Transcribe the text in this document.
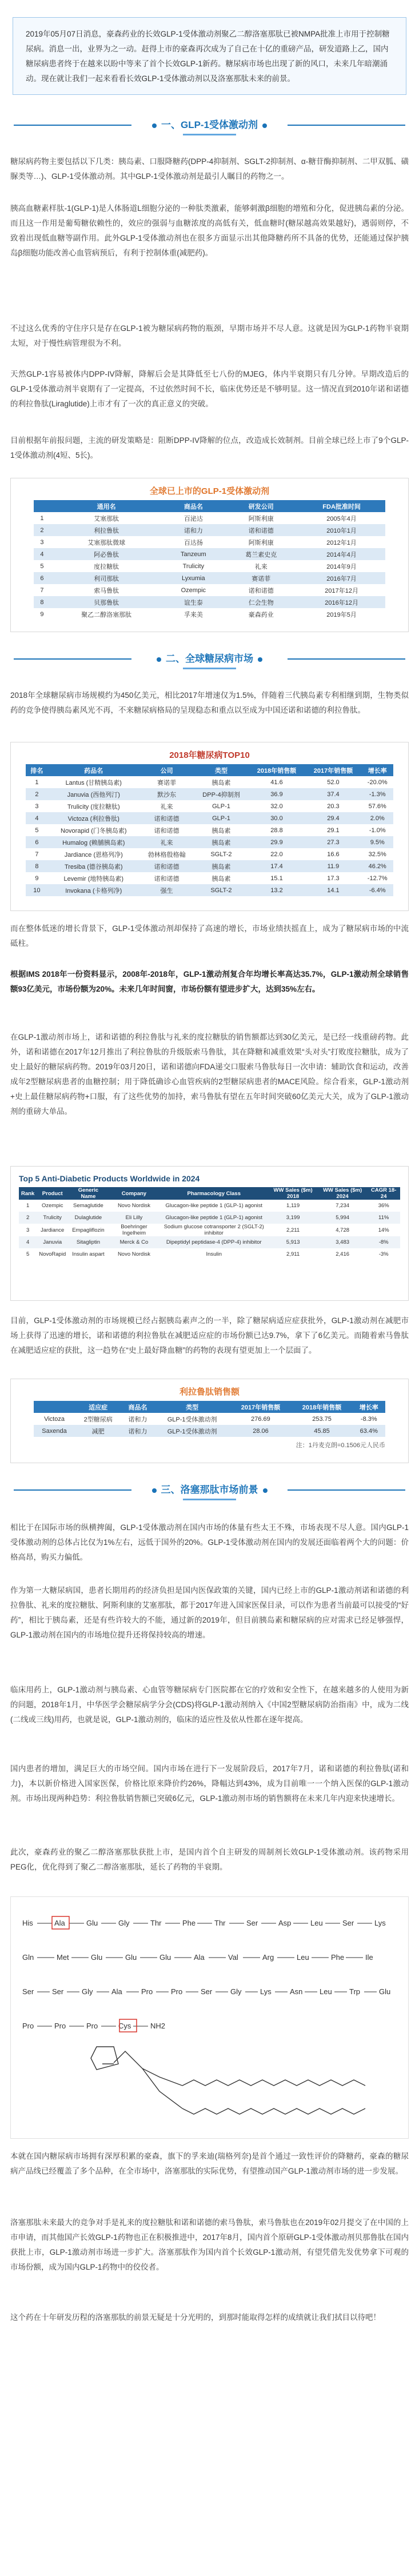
2019年05月07日消息，豪森药业的长效GLP-1受体激动剂聚乙二醇洛塞那肽已被NMPA批准上市用于控制糖尿病。消息一出，业界为之一动。赶得上市的豪森再次成为了自己在十亿的重磅产品，研发道路上乙，国内糖尿病患者终于在越来以盼中等来了首个长效GLP-1新药。糖尿病市场也出现了新的风口，未来几年暗潮涌动。现在就让我们一起来看看长效GLP-1受体激动剂以及洛塞那肽未来的前景。

一、GLP-1受体激动剂

糖尿病药物主要包括以下几类：胰岛素、口服降糖药(DPP-4抑制剂、SGLT-2抑制剂、α-糖苷酶抑制剂、二甲双胍、磺脲类等…)、GLP-1受体激动剂。其中GLP-1受体激动剂是最引人瞩目的药物之一。

胰高血糖素样肽-1(GLP-1)是人体肠道L细胞分泌的一种肽类激素，能够刺激β细胞的增殖和分化，促进胰岛素的分泌。而且这一作用是葡萄糖依赖性的，效应的强弱与血糖浓度的高低有关，低血糖时(糖尿越高效果越好)，遇弱则停，不致着出现低血糖等副作用。此外GLP-1受体激动剂也在很多方面显示出其他降糖药所不具备的优势，还能通过保护胰岛β细胞功能改善心血管病预后，有利于控制体重(减肥药)。

不过这么优秀的守住序只是存在GLP-1被为糖尿病药物的瓶颈，早期市场并不尽人意。这就是因为GLP-1药物半衰期太短，对于慢性病管理很为不利。

天然GLP-1容易被体内DPP-IV降解，降解后会是其降低至七八份的MJEG，体内半衰期只有几分钟。早期改造后的GLP-1受体激动剂半衰期有了一定提高，不过依然时间不长，临床优势还是不够明显。这一情况直到2010年诺和诺德的利拉鲁肽(Liraglutide)上市才有了一次的真正意义的突破。

目前根据年前报问题，主流的研发策略是：阻断DPP-IV降解的位点，改造成长效制剂。目前全球已经上市了9个GLP-1受体激动剂(4短、5长)。

全球已上市的GLP-1受体激动剂
	通用名	商品名	研发公司	FDA批准时间
1	艾塞那肽	百泌达	阿斯利康	2005年4月
2	利拉鲁肽	诺和力	诺和诺德	2010年1月
3	艾塞那肽微球	百达扬	阿斯利康	2012年1月
4	阿必鲁肽	Tanzeum	葛兰素史克	2014年4月
5	度拉糖肽	Trulicity	礼来	2014年9月
6	利司那肽	Lyxumia	赛诺菲	2016年7月
7	索马鲁肽	Ozempic	诺和诺德	2017年12月
8	贝那鲁肽	谊生泰	仁会生物	2016年12月
9	聚乙二醇洛塞那肽	孚来美	豪森药业	2019年5月
二、全球糖尿病市场

2018年全球糖尿病市场规模约为450亿美元，相比2017年增速仅为1.5%，伴随着三代胰岛素专利相继到期，生物类似药的竞争使得胰岛素风光不再，不来糖尿病格局的呈现稳态和重点以至成为中国还诺和诺德的利拉鲁肽。

2018年糖尿病TOP10
排名	药品名	公司	类型	2018年销售额	2017年销售额	增长率
1	Lantus (甘精胰岛素)	赛诺菲	胰岛素	41.6	52.0	-20.0%
2	Januvia (西他列汀)	默沙东	DPP-4抑制剂	36.9	37.4	-1.3%
3	Trulicity (度拉糖肽)	礼来	GLP-1	32.0	20.3	57.6%
4	Victoza (利拉鲁肽)	诺和诺德	GLP-1	30.0	29.4	2.0%
5	Novorapid (门冬胰岛素)	诺和诺德	胰岛素	28.8	29.1	-1.0%
6	Humalog (赖脯胰岛素)	礼来	胰岛素	29.9	27.3	9.5%
7	Jardiance (恩格列净)	勃林格殷格翰	SGLT-2	22.0	16.6	32.5%
8	Tresiba (德谷胰岛素)	诺和诺德	胰岛素	17.4	11.9	46.2%
9	Levemir (地特胰岛素)	诺和诺德	胰岛素	15.1	17.3	-12.7%
10	Invokana (卡格列净)	强生	SGLT-2	13.2	14.1	-6.4%

而在整体低迷的增长背景下，GLP-1受体激动剂却保持了高速的增长，市场业绩扶摇直上，成为了糖尿病市场的中流砥柱。

根据IMS 2018年一份资料显示，2008年-2018年，GLP-1激动剂复合年均增长率高达35.7%，GLP-1激动剂全球销售额93亿美元，市场份额为20%。未来几年时间窗，市场份额有望进步扩大，达到35%左右。

在GLP-1激动剂市场上，诺和诺德的利拉鲁肽与礼来的度拉糖肽的销售额都达到30亿美元，是已经一线重磅药物。此外，诺和诺德在2017年12月推出了利拉鲁肽的升级版索马鲁肽，其在降糖和减重效果“头对头”打败度拉糖肽，成为了史上最好的糖尿病药物。2019年03月20日，诺和诺德向FDA递交口服索马鲁肽每日一次申请：辅助饮食和运动，改善成年2型糖尿病患者的血糖控制；用于降低确诊心血管疾病的2型糖尿病患者的MACE风险。综合看来，GLP-1激动剂+史上最佳糖尿病药物+口服，有了这些优势的加持，索马鲁肽有望在五年时间突破60亿美元大关，成为了GLP-1激动剂的重磅大单品。

Top 5 Anti-Diabetic Products Worldwide in 2024
Rank	Product	Generic Name	Company	Pharmacology Class	WW Sales ($m) 2018	WW Sales ($m) 2024	CAGR 18-24
1	Ozempic	Semaglutide	Novo Nordisk	Glucagon-like peptide 1 (GLP-1) agonist	1,119	7,234	36%
2	Trulicity	Dulaglutide	Eli Lilly	Glucagon-like peptide 1 (GLP-1) agonist	3,199	5,994	11%
3	Jardiance	Empagliflozin	Boehringer Ingelheim	Sodium glucose cotransporter 2 (SGLT-2) inhibitor	2,211	4,728	14%
4	Januvia	Sitagliptin	Merck & Co	Dipeptidyl peptidase-4 (DPP-4) inhibitor	5,913	3,483	-8%
5	NovoRapid	Insulin aspart	Novo Nordisk	Insulin	2,911	2,416	-3%

目前，GLP-1受体激动剂的市场规模已经占据胰岛素声之的一半，除了糖尿病适应症获批外，GLP-1激动剂在减肥市场上获得了迅速的增长，诺和诺德的利拉鲁肽在减肥适应症的市场份额已达9.7%，拿下了6亿美元。而随着索马鲁肽在减肥适应症的获批，这一趋势在“史上最好降血糖”的药物的表现有望更加上一个层面了。

利拉鲁肽销售额
	适应症	商品名	类型	2017年销售额	2018年销售额	增长率
Victoza	2型糖尿病	诺和力	GLP-1受体激动剂	276.69	253.75	-8.3%
Saxenda	减肥	诺和力	GLP-1受体激动剂	28.06	45.85	63.4%
注：1丹麦克朗=0.1506元人民币
三、洛塞那肽市场前景

相比于在国际市场的纵横捭阖，GLP-1受体激动剂在国内市场的体量有些太王不殊，市场表现不尽人意。国内GLP-1受体激动剂的总体占比仅为1%左右，远低于国外的20%。GLP-1受体激动剂在国内的发展还面临着两个大的问题：价格高昂，购买力偏低。

作为第一大糖尿病国，患者长期用药的经济负担是国内医保政策的关键，国内已经上市的GLP-1激动剂诺和诺德的利拉鲁肽、礼来的度拉糖肽、阿斯利康的艾塞那肽，都于2017年进入国家医保目录，可以作为患者当前最可以接受的“好药”，相比于胰岛素，还是有些许较大的不能，通过新的2019年，但目前胰岛素和糖尿病的应对需求已经足够强悍，GLP-1激动剂在国内的市场地位提升还将保持较高的增速。

临床用药上，GLP-1激动剂与胰岛素、心血管等糖尿病专门医院都在它的疗效和安全性下，在越来越多的人使用为新的问题，2018年1月，中华医学会糖尿病学分会(CDS)将GLP-1激动剂纳入《中国2型糖尿病防治指南》中，成为二线(二线或三线)用药，也就是说，GLP-1激动剂的，临床的适应性及依从性都在逐年提高。

国内患者的增加，满足巨大的市场空间。国内市场在进行下一发展阶段后，2017年7月，诺和诺德的利拉鲁肽(诺和力)，本以新价格进入国家医保，价格比原来降价约26%，降幅达到43%，成为目前唯一一个纳入医保的GLP-1激动剂。市场出现两种趋势：利拉鲁肽销售额已突破6亿元，GLP-1激动剂市场的销售额将在未来几年内迎来快速增长。

此次，豪森药业的聚乙二醇洛塞那肽获批上市，是国内首个自主研发的周制剂长效GLP-1受体激动剂。该药物采用PEG化，优化得到了聚乙二醇洛塞那肽，延长了药物的半衰期。

His	Ala	Glu	Gly	Thr	Phe	Thr	Ser	Asp	Leu	Ser	Lys
Gln	Met	Glu	Glu	Glu	Ala	Val	Arg	Leu	Phe	Ile
Ser Ser Gly	Ala	Pro Pro Ser Gly	Lys Asn Leu Trp	Glu
Pro	Pro	Pro	Cys	NH2

本就在国内糖尿病市场拥有深厚积累的豪森，旗下的孚来迪(瑞格列奈)是首个通过一致性评价的降糖药，豪森的糖尿病产品线已经覆盖了多个品种，在全市场中，洛塞那肽的实际优势，有望推动国产GLP-1激动剂市场的进一步发展。

洛塞那肽未来最大的竞争对手是礼来的度拉糖肽和诺和诺德的索马鲁肽，索马鲁肽也在2019年02月提交了在中国的上市申请，而其他国产长效GLP-1药物也正在积极推进中，2017年8月，国内首个原研GLP-1受体激动剂贝那鲁肽在国内获批上市，GLP-1激动剂市场进一步扩大。洛塞那肽作为国内首个长效GLP-1激动剂，有望凭借先发优势拿下可观的市场份额，成为国内GLP-1药物中的佼佼者。

这个药在十年研发历程的洛塞那肽的前景无疑是十分光明的，到那时能取得怎样的成绩就让我们拭目以待吧！
